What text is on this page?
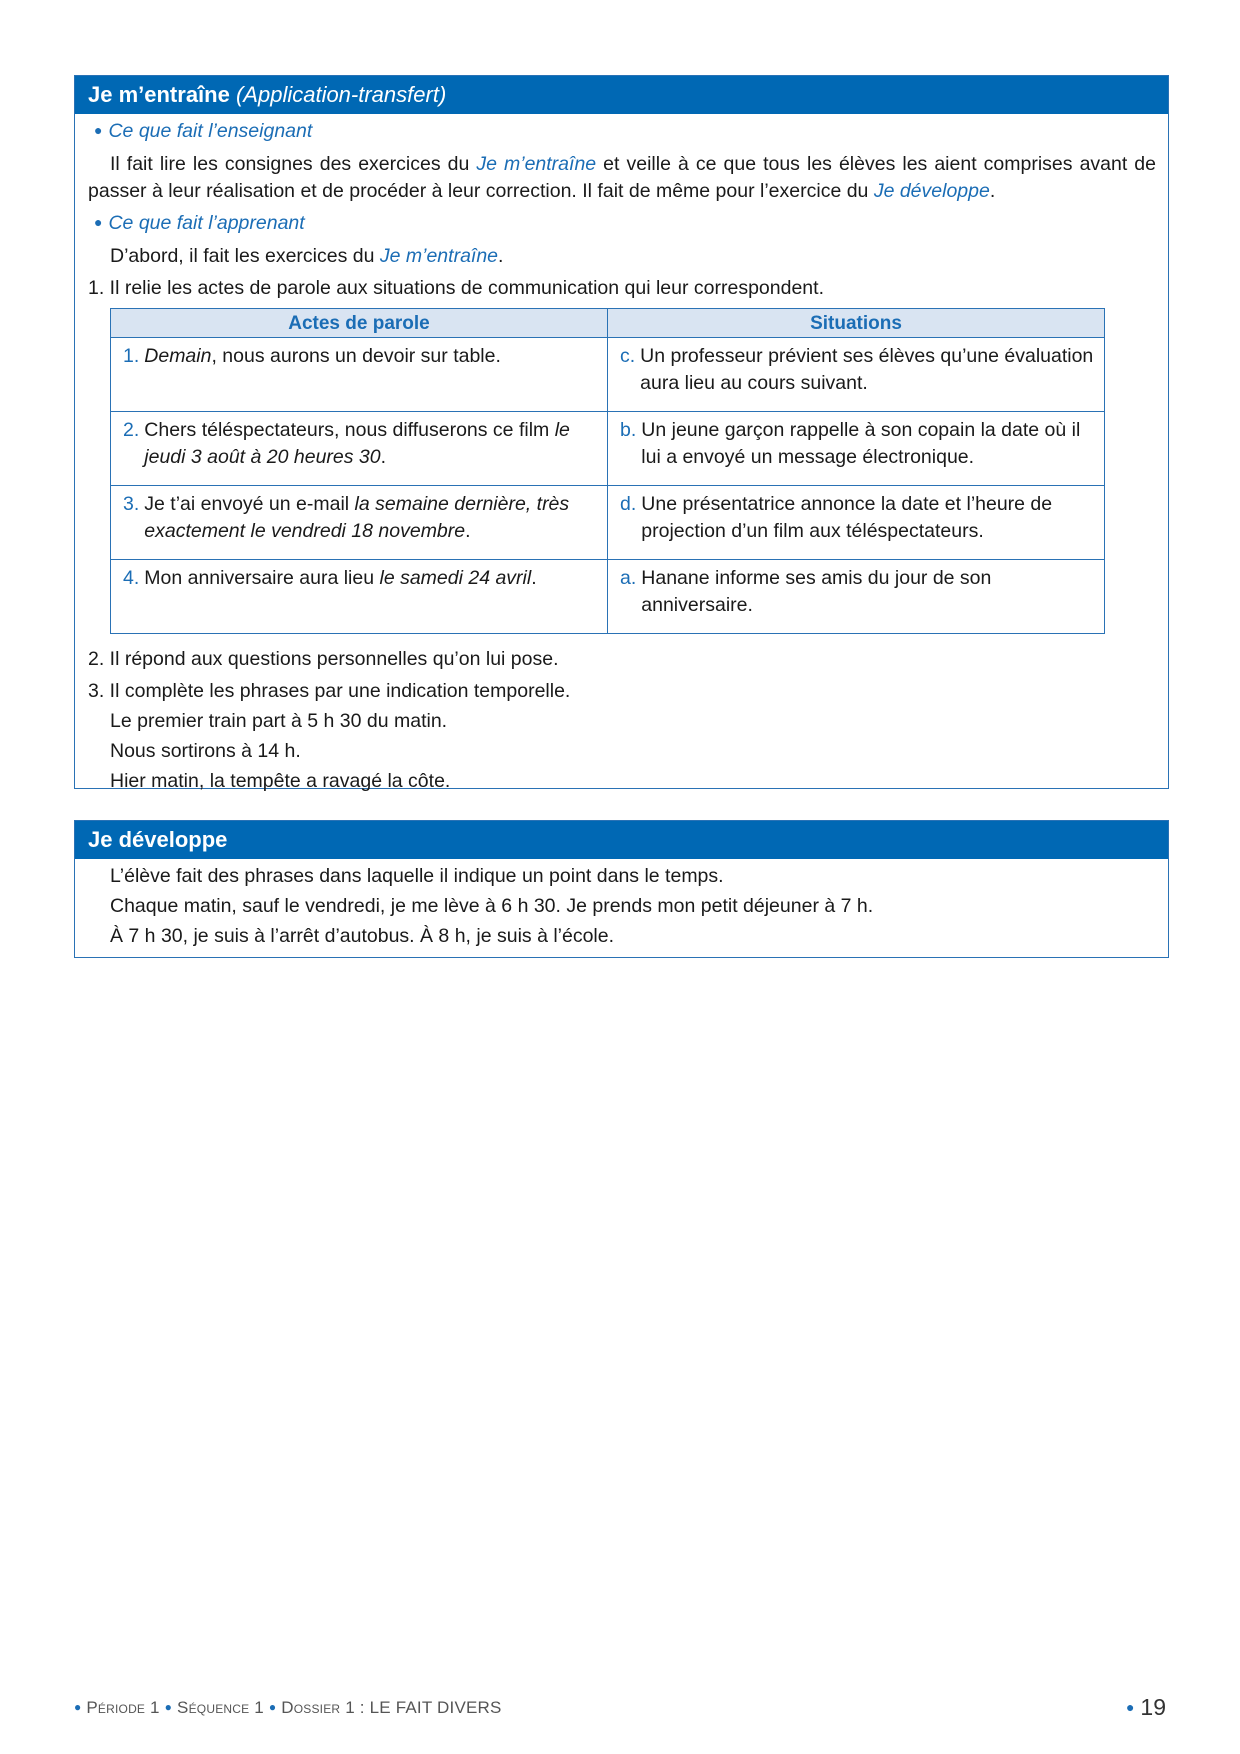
Je m’entraîne (Application-transfert)
● Ce que fait l’enseignant
Il fait lire les consignes des exercices du Je m’entraîne et veille à ce que tous les élèves les aient comprises avant de passer à leur réalisation et de procéder à leur correction. Il fait de même pour l’exercice du Je développe.
● Ce que fait l’apprenant
D’abord, il fait les exercices du Je m’entraîne.
1. Il relie les actes de parole aux situations de communication qui leur correspondent.
Actes de parole	Situations

1.	Demain, nous aurons un devoir sur table.	c.	Un professeur prévient ses élèves qu’une évaluation aura lieu au cours suivant.

2.	Chers téléspectateurs, nous diffuserons ce film le jeudi 3 août à 20 heures 30.	b.	Un jeune garçon rappelle à son copain la date où il lui a envoyé un message électronique.

3.	Je t’ai envoyé un e-mail la semaine dernière, très exactement le vendredi 18 novembre.	d.	Une présentatrice annonce la date et l’heure de projection d’un film aux téléspectateurs.

4.	Mon anniversaire aura lieu le samedi 24 avril.	a.	Hanane informe ses amis du jour de son anniversaire.
2. Il répond aux questions personnelles qu’on lui pose.
3. Il complète les phrases par une indication temporelle.
Le premier train part à 5 h 30 du matin.
Nous sortirons à 14 h.
Hier matin, la tempête a ravagé la côte.
Je développe
L’élève fait des phrases dans laquelle il indique un point dans le temps.
Chaque matin, sauf le vendredi, je me lève à 6 h 30. Je prends mon petit déjeuner à 7 h.
À 7 h 30, je suis à l’arrêt d’autobus. À 8 h, je suis à l’école.
● Période 1 ● Séquence 1 ● Dossier 1 : LE FAIT DIVERS	● 19
